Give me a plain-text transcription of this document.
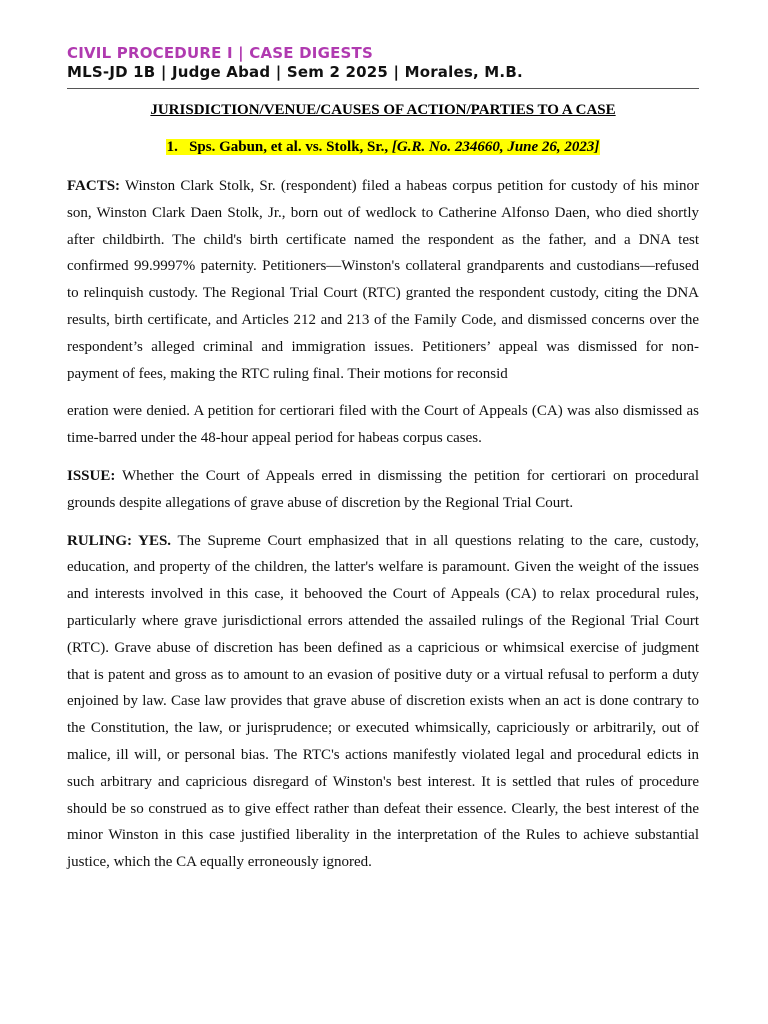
CIVIL PROCEDURE I | CASE DIGESTS

MLS-JD 1B | Judge Abad | Sem 2 2025 | Morales, M.B.

JURISDICTION/VENUE/CAUSES OF ACTION/PARTIES TO A CASE

1. Sps. Gabun, et al. vs. Stolk, Sr., [G.R. No. 234660, June 26, 2023]

FACTS: Winston Clark Stolk, Sr. (respondent) filed a habeas corpus petition for custody of his minor son, Winston Clark Daen Stolk, Jr., born out of wedlock to Catherine Alfonso Daen, who died shortly after childbirth. The child's birth certificate named the respondent as the father, and a DNA test confirmed 99.9997% paternity. Petitioners—Winston's collateral grandparents and custodians—refused to relinquish custody. The Regional Trial Court (RTC) granted the respondent custody, citing the DNA results, birth certificate, and Articles 212 and 213 of the Family Code, and dismissed concerns over the respondent’s alleged criminal and immigration issues. Petitioners’ appeal was dismissed for non-payment of fees, making the RTC ruling final. Their motions for reconsid

eration were denied. A petition for certiorari filed with the Court of Appeals (CA) was also dismissed as time-barred under the 48-hour appeal period for habeas corpus cases.

ISSUE: Whether the Court of Appeals erred in dismissing the petition for certiorari on procedural grounds despite allegations of grave abuse of discretion by the Regional Trial Court.

RULING: YES. The Supreme Court emphasized that in all questions relating to the care, custody, education, and property of the children, the latter's welfare is paramount. Given the weight of the issues and interests involved in this case, it behooved the Court of Appeals (CA) to relax procedural rules, particularly where grave jurisdictional errors attended the assailed rulings of the Regional Trial Court (RTC). Grave abuse of discretion has been defined as a capricious or whimsical exercise of judgment that is patent and gross as to amount to an evasion of positive duty or a virtual refusal to perform a duty enjoined by law. Case law provides that grave abuse of discretion exists when an act is done contrary to the Constitution, the law, or jurisprudence; or executed whimsically, capriciously or arbitrarily, out of malice, ill will, or personal bias. The RTC's actions manifestly violated legal and procedural edicts in such arbitrary and capricious disregard of Winston's best interest. It is settled that rules of procedure should be so construed as to give effect rather than defeat their essence. Clearly, the best interest of the minor Winston in this case justified liberality in the interpretation of the Rules to achieve substantial justice, which the CA equally erroneously ignored.
